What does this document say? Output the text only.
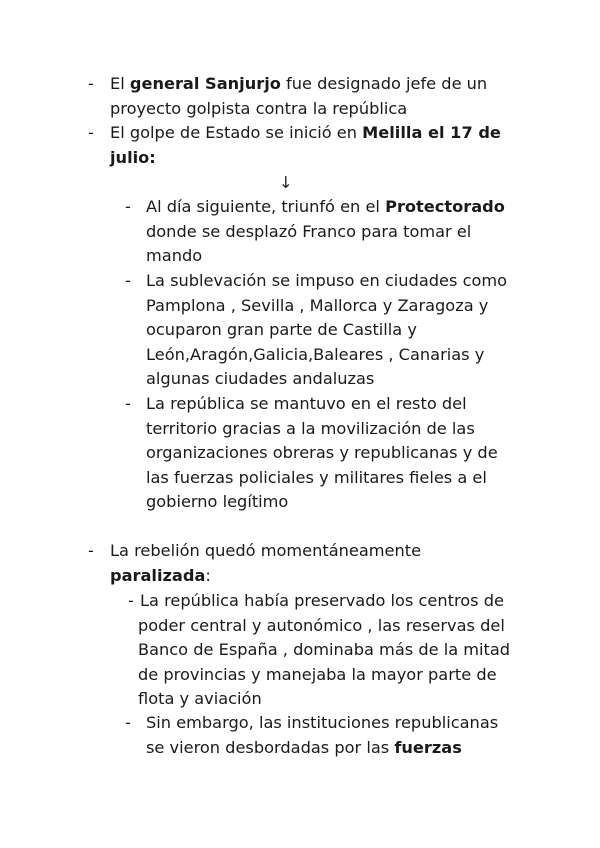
- El general Sanjurjo fue designado jefe de un
proyecto golpista contra la república
- El golpe de Estado se inició en Melilla el 17 de
julio:
↓
- Al día siguiente, triunfó en el Protectorado
donde se desplazó Franco para tomar el
mando
- La sublevación se impuso en ciudades como
Pamplona , Sevilla , Mallorca y Zaragoza y
ocuparon gran parte de Castilla y
León,Aragón,Galicia,Baleares , Canarias y
algunas ciudades andaluzas
- La república se mantuvo en el resto del
territorio gracias a la movilización de las
organizaciones obreras y republicanas y de
las fuerzas policiales y militares fieles a el
gobierno legítimo
- La rebelión quedó momentáneamente
paralizada:
- La república había preservado los centros de
poder central y autonómico , las reservas del
Banco de España , dominaba más de la mitad
de provincias y manejaba la mayor parte de
flota y aviación
- Sin embargo, las instituciones republicanas
se vieron desbordadas por las fuerzas
